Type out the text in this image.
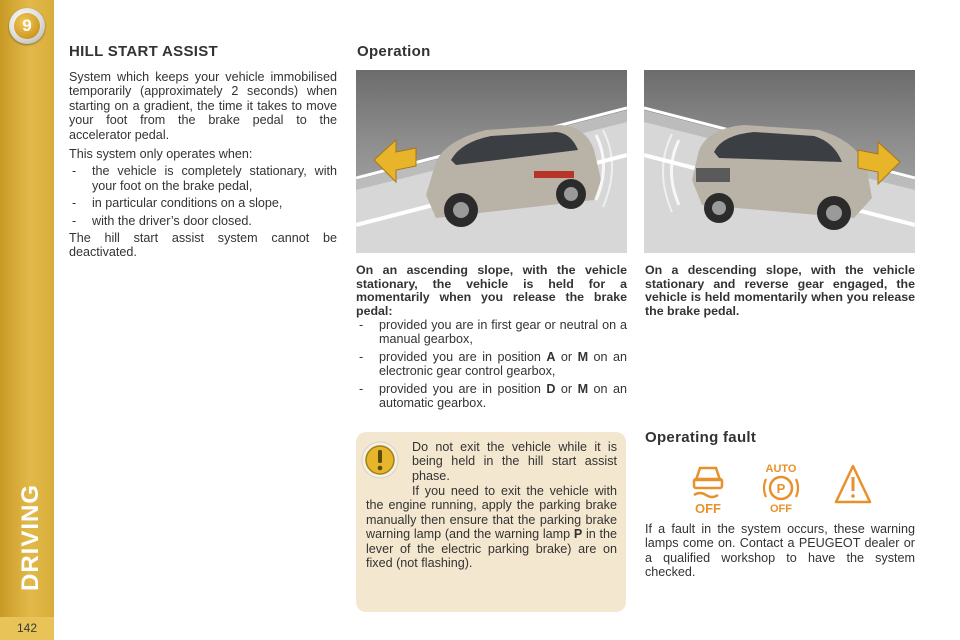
9
DRIVING
142
HILL START ASSIST

System which keeps your vehicle immobilised temporarily (approximately 2 seconds) when starting on a gradient, the time it takes to move your foot from the brake pedal to the accelerator pedal.

This system only operates when:

- the vehicle is completely stationary, with your foot on the brake pedal,
- in particular conditions on a slope,
- with the driver’s door closed.

The hill start assist system cannot be deactivated.

Operation
On an ascending slope, with the vehicle stationary, the vehicle is held for a momentarily when you release the brake pedal:
- provided you are in first gear or neutral on a manual gearbox,
- provided you are in position A or M on an electronic gear control gearbox,
- provided you are in position D or M on an automatic gearbox.
On a descending slope, with the vehicle stationary and reverse gear engaged, the vehicle is held momentarily when you release the brake pedal.
Do not exit the vehicle while it is being held in the hill start assist phase.
If you need to exit the vehicle with the engine running, apply the parking brake manually then ensure that the parking brake warning lamp (and the warning lamp P in the lever of the electric parking brake) are on fixed (not flashing).
Operating fault
OFF
AUTO
P
OFF
If a fault in the system occurs, these warning lamps come on. Contact a PEUGEOT dealer or a qualified workshop to have the system checked.
